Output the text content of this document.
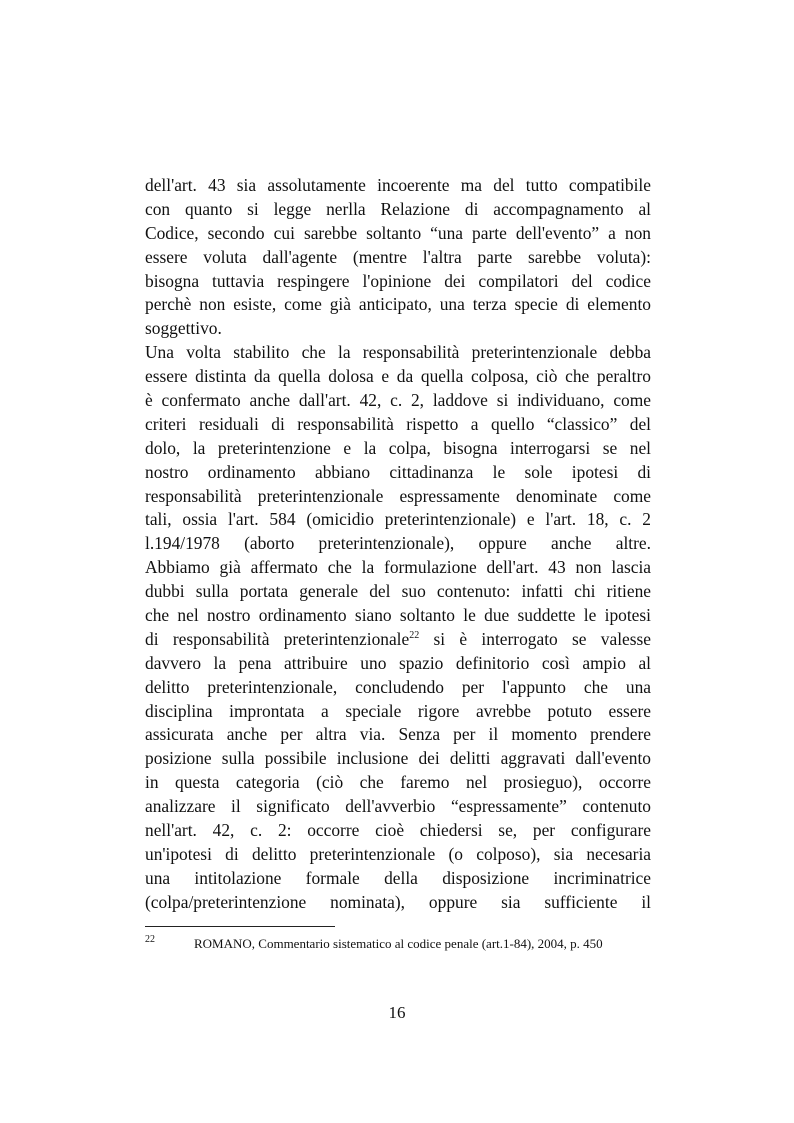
dell'art. 43 sia assolutamente incoerente ma del tutto compatibile
con quanto si legge nerlla Relazione di accompagnamento al
Codice, secondo cui sarebbe soltanto “una parte dell'evento” a non
essere voluta dall'agente (mentre l'altra parte sarebbe voluta):
bisogna tuttavia respingere l'opinione dei compilatori del codice
perchè non esiste, come già anticipato, una terza specie di elemento
soggettivo.
Una volta stabilito che la responsabilità preterintenzionale debba
essere distinta da quella dolosa e da quella colposa, ciò che peraltro
è confermato anche dall'art. 42, c. 2, laddove si individuano, come
criteri residuali di responsabilità rispetto a quello “classico” del
dolo, la preterintenzione e la colpa, bisogna interrogarsi se nel
nostro ordinamento abbiano cittadinanza le sole ipotesi di
responsabilità preterintenzionale espressamente denominate come
tali, ossia l'art. 584 (omicidio preterintenzionale) e l'art. 18, c. 2
l.194/1978 (aborto preterintenzionale), oppure anche altre.
Abbiamo già affermato che la formulazione dell'art. 43 non lascia
dubbi sulla portata generale del suo contenuto: infatti chi ritiene
che nel nostro ordinamento siano soltanto le due suddette le ipotesi
di responsabilità preterintenzionale$^{22}$ si è interrogato se valesse
davvero la pena attribuire uno spazio definitorio così ampio al
delitto preterintenzionale, concludendo per l'appunto che una
disciplina improntata a speciale rigore avrebbe potuto essere
assicurata anche per altra via. Senza per il momento prendere
posizione sulla possibile inclusione dei delitti aggravati dall'evento
in questa categoria (ciò che faremo nel prosieguo), occorre
analizzare il significato dell'avverbio “espressamente” contenuto
nell'art. 42, c. 2: occorre cioè chiedersi se, per configurare
un'ipotesi di delitto preterintenzionale (o colposo), sia necesaria
una intitolazione formale della disposizione incriminatrice
(colpa/preterintenzione nominata), oppure sia sufficiente il
22	ROMANO, Commentario sistematico al codice penale (art.1-84), 2004, p. 450
16
